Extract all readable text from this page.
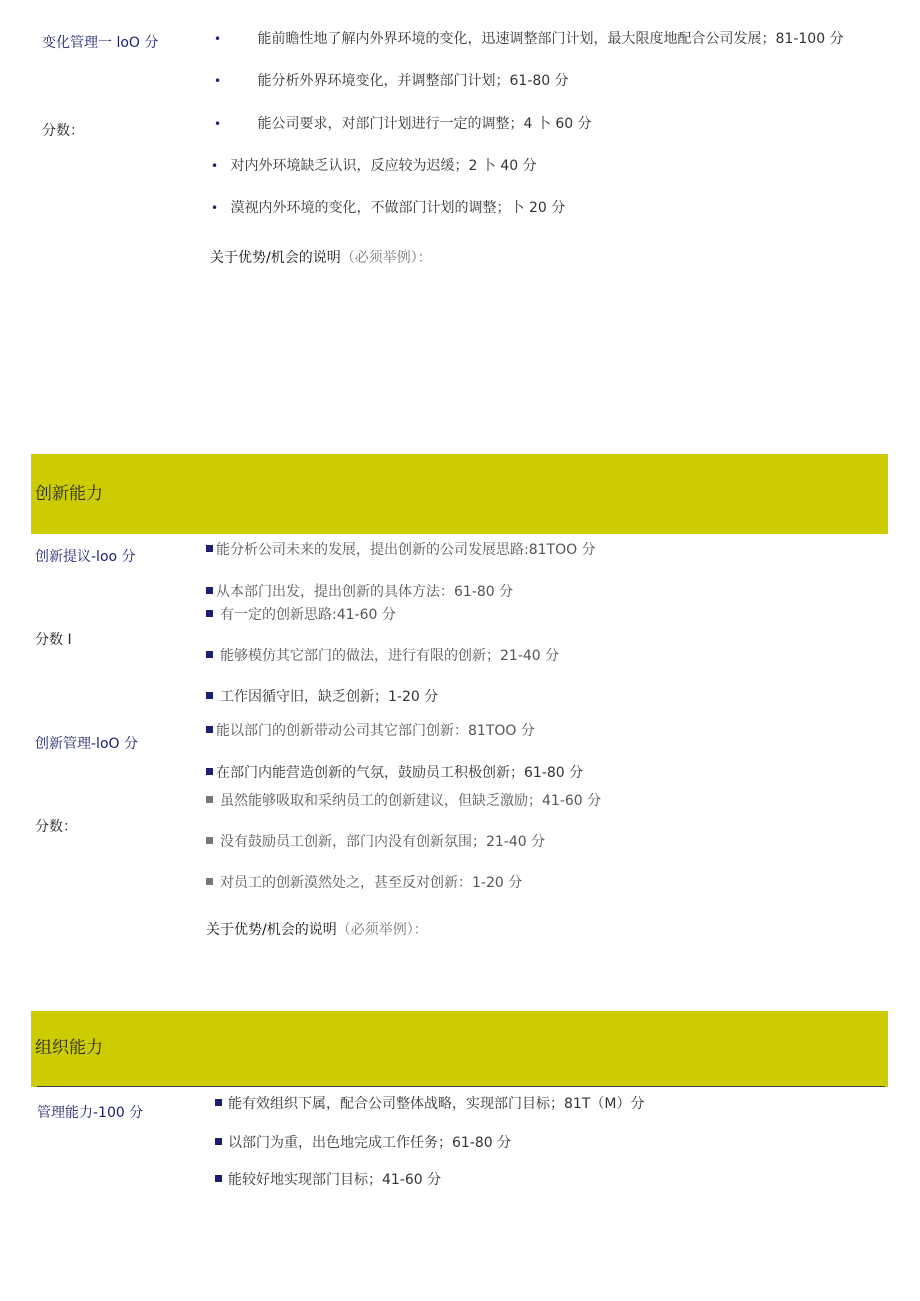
变化管理一 loO 分
分数：
•	能前瞻性地了解内外界环境的变化，迅速调整部门计划，最大限度地配合公司发展；81-100 分
•	能分析外界环境变化，并调整部门计划；61-80 分
•	能公司要求，对部门计划进行一定的调整；4 卜 60 分
• 对内外环境缺乏认识，反应较为迟缓；2 卜 40 分
• 漠视内外环境的变化，不做部门计划的调整；卜 20 分
关于优势/机会的说明（必须举例）：
创新能力
创新提议-loo 分
分数 I
能分析公司未来的发展，提出创新的公司发展思路:81TOO 分
从本部门出发，提出创新的具体方法：61-80 分
有一定的创新思路:41-60 分
能够模仿其它部门的做法，进行有限的创新；21-40 分
工作因循守旧，缺乏创新；1-20 分
创新管理-loO 分
分数：
能以部门的创新带动公司其它部门创新：81TOO 分
在部门内能营造创新的气氛，鼓励员工积极创新；61-80 分
虽然能够吸取和采纳员工的创新建议，但缺乏激励；41-60 分
没有鼓励员工创新，部门内没有创新氛围；21-40 分
对员工的创新漠然处之，甚至反对创新：1-20 分
关于优势/机会的说明（必须举例）：
组织能力
管理能力-100 分
能有效组织下属，配合公司整体战略，实现部门目标；81T（M）分
以部门为重，出色地完成工作任务；61-80 分
能较好地实现部门目标；41-60 分
